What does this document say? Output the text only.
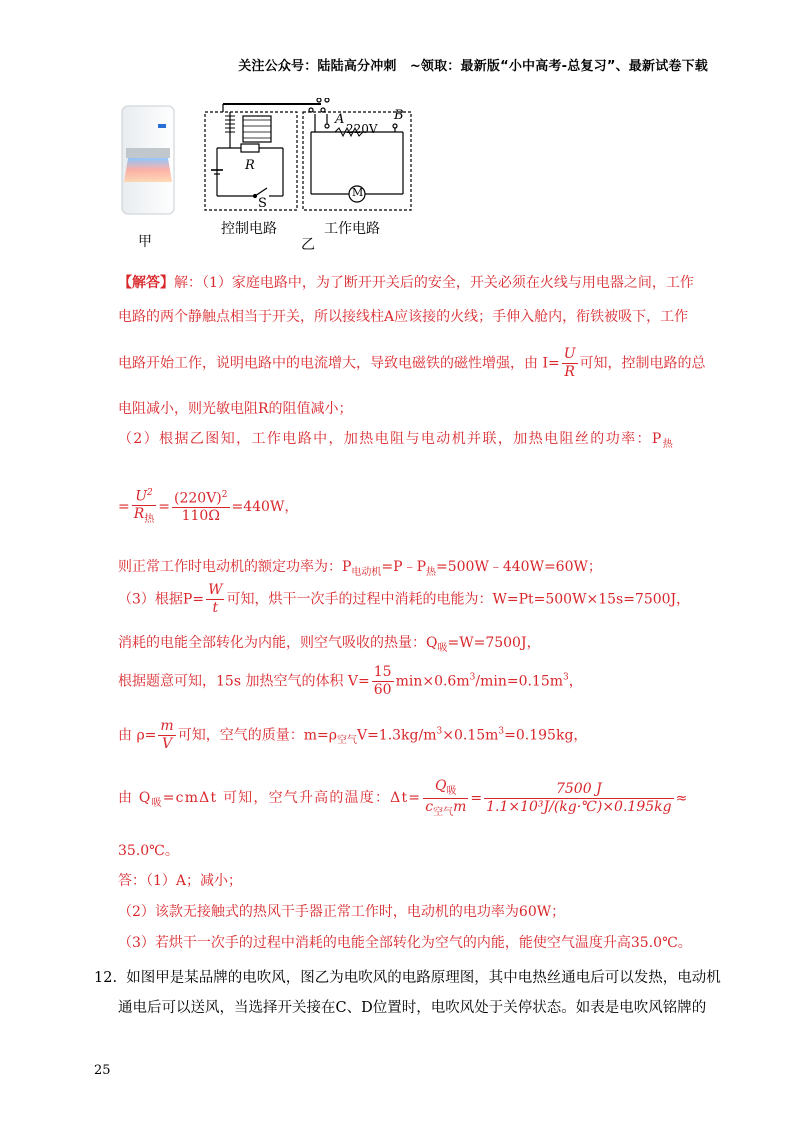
关注公众号：陆陆高分冲刺　~领取：最新版“小中高考-总复习”、最新试卷下载
甲
R
S
A	B
220V
M
控制电路	工作电路
乙
【解答】解：（1）家庭电路中，为了断开开关后的安全，开关必须在火线与用电器之间，工作
电路的两个静触点相当于开关，所以接线柱A应该接的火线；手伸入舱内，衔铁被吸下，工作
电路开始工作，说明电路中的电流增大，导致电磁铁的磁性增强，由 $I= \frac{U}{R}$ 可知，控制电路的总
电阻减小，则光敏电阻R的阻值减小；
（2）根据乙图知，工作电路中，加热电阻与电动机并联，加热电阻丝的功率：$P_热$
= $\frac{U^2}{R_热} = \frac{(220V)^2}{110\Omega} =440W$，
则正常工作时电动机的额定功率为：$P_{电动机}=P﹣P_热=500W﹣440W=60W$；
（3）根据$P= \frac{W}{t}$ 可知，烘干一次手的过程中消耗的电能为：W=Pt=500W×15s=7500J，
消耗的电能全部转化为内能，则空气吸收的热量：$Q_吸=W=7500J$，
根据题意可知，15s 加热空气的体积 $V= \frac{15}{60} \min\times 0.6m^3/\min=0.15m^3$，
由 $\rho= \frac{m}{V}$ 可知，空气的质量：$m=\rho_{空气}V=1.3kg/m^3\times 0.15m^3=0.195kg$，
由 $Q_吸=cm\Delta t$ 可知，空气升高的温度：$\Delta t= \frac{Q_吸}{c_{空气}m} = \frac{7500 J}{\text{1.1×10³J/(kg·℃)×0.195kg}}$ ≈
35.0℃。
答：（1）A；减小；
（2）该款无接触式的热风干手器正常工作时，电动机的电功率为60W；
（3）若烘干一次手的过程中消耗的电能全部转化为空气的内能，能使空气温度升高35.0℃。
12. 如图甲是某品牌的电吹风，图乙为电吹风的电路原理图，其中电热丝通电后可以发热，电动机
通电后可以送风，当选择开关接在C、D位置时，电吹风处于关停状态。如表是电吹风铭牌的
25
